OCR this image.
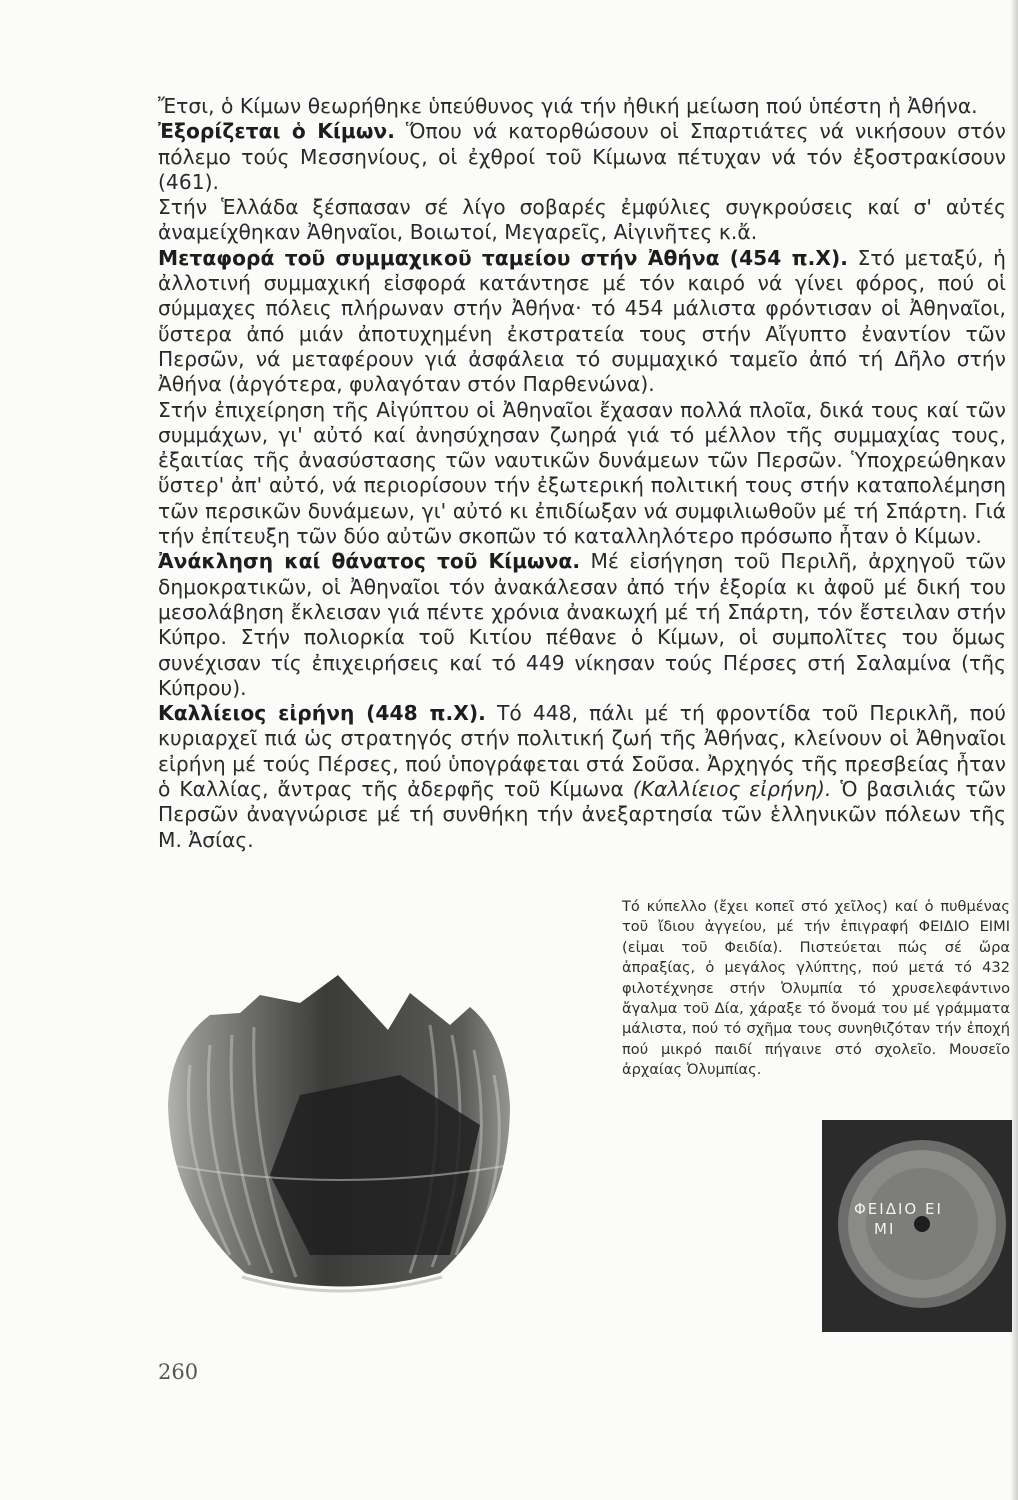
Ἔτσι, ὁ Κίμων θεωρήθηκε ὑπεύθυνος γιά τήν ἠθική μείωση πού ὑπέστη ἡ Ἀθήνα.

Ἐξορίζεται ὁ Κίμων. Ὅπου νά κατορθώσουν οἱ Σπαρτιάτες νά νικήσουν στόν πόλεμο τούς Μεσσηνίους, οἱ ἐχθροί τοῦ Κίμωνα πέτυχαν νά τόν ἐξοστρακίσουν (461).

Στήν Ἑλλάδα ξέσπασαν σέ λίγο σοβαρές ἐμφύλιες συγκρούσεις καί σ' αὐτές ἀναμείχθηκαν Ἀθηναῖοι, Βοιωτοί, Μεγαρεῖς, Αἰγινῆτες κ.ἄ.

Μεταφορά τοῦ συμμαχικοῦ ταμείου στήν Ἀθήνα (454 π.Χ). Στό μεταξύ, ἡ ἀλλοτινή συμμαχική εἰσφορά κατάντησε μέ τόν καιρό νά γίνει φόρος, πού οἱ σύμμαχες πόλεις πλήρωναν στήν Ἀθήνα· τό 454 μάλιστα φρόντισαν οἱ Ἀθηναῖοι, ὕστερα ἀπό μιάν ἀποτυχημένη ἐκστρατεία τους στήν Αἴγυπτο ἐναντίον τῶν Περσῶν, νά μεταφέρουν γιά ἀσφάλεια τό συμμαχικό ταμεῖο ἀπό τή Δῆλο στήν Ἀθήνα (ἀργότερα, φυλαγόταν στόν Παρθενώνα).

Στήν ἐπιχείρηση τῆς Αἰγύπτου οἱ Ἀθηναῖοι ἔχασαν πολλά πλοῖα, δικά τους καί τῶν συμμάχων, γι' αὐτό καί ἀνησύχησαν ζωηρά γιά τό μέλλον τῆς συμμαχίας τους, ἐξαιτίας τῆς ἀνασύστασης τῶν ναυτικῶν δυνάμεων τῶν Περσῶν. Ὑποχρεώθηκαν ὕστερ' ἀπ' αὐτό, νά περιορίσουν τήν ἐξωτερική πολιτική τους στήν καταπολέμηση τῶν περσικῶν δυνάμεων, γι' αὐτό κι ἐπιδίωξαν νά συμφιλιωθοῦν μέ τή Σπάρτη. Γιά τήν ἐπίτευξη τῶν δύο αὐτῶν σκοπῶν τό καταλληλότερο πρόσωπο ἦταν ὁ Κίμων.

Ἀνάκληση καί θάνατος τοῦ Κίμωνα. Μέ εἰσήγηση τοῦ Περιλῆ, ἀρχηγοῦ τῶν δημοκρατικῶν, οἱ Ἀθηναῖοι τόν ἀνακάλεσαν ἀπό τήν ἐξορία κι ἀφοῦ μέ δική του μεσολάβηση ἔκλεισαν γιά πέντε χρόνια ἀνακωχή μέ τή Σπάρτη, τόν ἔστειλαν στήν Κύπρο. Στήν πολιορκία τοῦ Κιτίου πέθανε ὁ Κίμων, οἱ συμπολῖτες του ὅμως συνέχισαν τίς ἐπιχειρήσεις καί τό 449 νίκησαν τούς Πέρσες στή Σαλαμίνα (τῆς Κύπρου).

Καλλίειος εἰρήνη (448 π.Χ). Τό 448, πάλι μέ τή φροντίδα τοῦ Περικλῆ, πού κυριαρχεῖ πιά ὡς στρατηγός στήν πολιτική ζωή τῆς Ἀθήνας, κλείνουν οἱ Ἀθηναῖοι εἰρήνη μέ τούς Πέρσες, πού ὑπογράφεται στά Σοῦσα. Ἀρχηγός τῆς πρεσβείας ἦταν ὁ Καλλίας, ἄντρας τῆς ἀδερφῆς τοῦ Κίμωνα (Καλλίειος εἰρήνη). Ὁ βασιλιάς τῶν Περσῶν ἀναγνώρισε μέ τή συνθήκη τήν ἀνεξαρτησία τῶν ἑλληνικῶν πόλεων τῆς Μ. Ἀσίας.

Τό κύπελλο (ἔχει κοπεῖ στό χεῖλος) καί ὁ πυθμένας τοῦ ἴδιου ἀγγείου, μέ τήν ἐπιγραφή ΦΕΙΔΙΟ ΕΙΜΙ (εἰμαι τοῦ Φειδία). Πιστεύεται πώς σέ ὥρα ἀπραξίας, ὁ μεγάλος γλύπτης, πού μετά τό 432 φιλοτέχνησε στήν Ὀλυμπία τό χρυσελεφάντινο ἄγαλμα τοῦ Δία, χάραξε τό ὄνομά του μέ γράμματα μάλιστα, πού τό σχῆμα τους συνηθιζόταν τήν ἐποχή πού μικρό παιδί πήγαινε στό σχολεῖο. Μουσεῖο ἀρχαίας Ὀλυμπίας.
ΦΕΙΔΙΟ ΕΙ
ΜΙ
260
